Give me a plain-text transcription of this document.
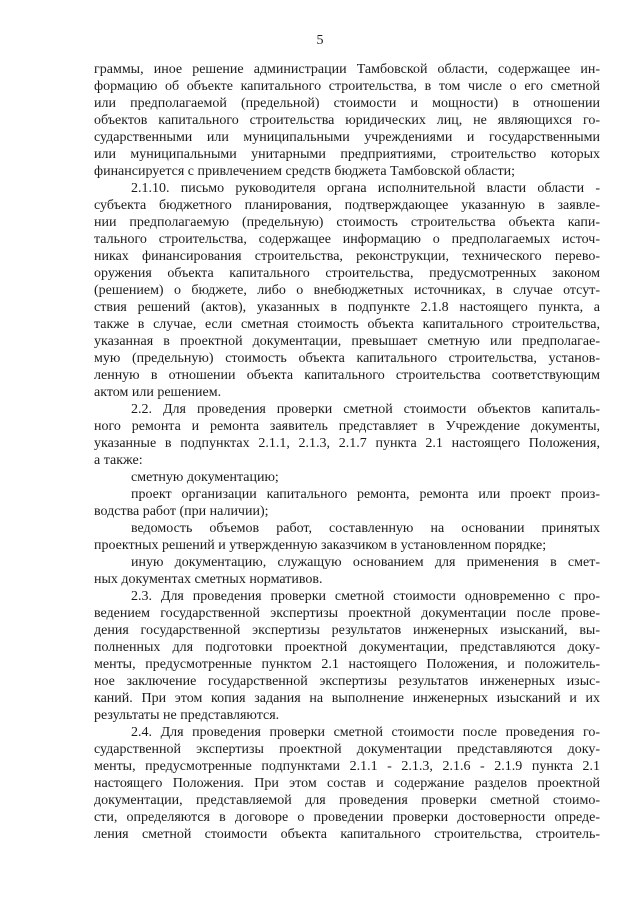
5
граммы, иное решение администрации Тамбовской области, содержащее ин-
формацию об объекте капитального строительства, в том числе о его сметной
или предполагаемой (предельной) стоимости и мощности) в отношении
объектов капитального строительства юридических лиц, не являющихся го-
сударственными или муниципальными учреждениями и государственными
или муниципальными унитарными предприятиями, строительство которых
финансируется с привлечением средств бюджета Тамбовской области;
2.1.10. письмо руководителя органа исполнительной власти области -
субъекта бюджетного планирования, подтверждающее указанную в заявле-
нии предполагаемую (предельную) стоимость строительства объекта капи-
тального строительства, содержащее информацию о предполагаемых источ-
никах финансирования строительства, реконструкции, технического перево-
оружения объекта капитального строительства, предусмотренных законом
(решением) о бюджете, либо о внебюджетных источниках, в случае отсут-
ствия решений (актов), указанных в подпункте 2.1.8 настоящего пункта, а
также в случае, если сметная стоимость объекта капитального строительства,
указанная в проектной документации, превышает сметную или предполагае-
мую (предельную) стоимость объекта капитального строительства, установ-
ленную в отношении объекта капитального строительства соответствующим
актом или решением.
2.2. Для проведения проверки сметной стоимости объектов капиталь-
ного ремонта и ремонта заявитель представляет в Учреждение документы,
указанные в подпунктах 2.1.1, 2.1.3, 2.1.7 пункта 2.1 настоящего Положения,
а также:
сметную документацию;
проект организации капитального ремонта, ремонта или проект произ-
водства работ (при наличии);
ведомость объемов работ, составленную на основании принятых
проектных решений и утвержденную заказчиком в установленном порядке;
иную документацию, служащую основанием для применения в смет-
ных документах сметных нормативов.
2.3. Для проведения проверки сметной стоимости одновременно с про-
ведением государственной экспертизы проектной документации после прове-
дения государственной экспертизы результатов инженерных изысканий, вы-
полненных для подготовки проектной документации, представляются доку-
менты, предусмотренные пунктом 2.1 настоящего Положения, и положитель-
ное заключение государственной экспертизы результатов инженерных изыс-
каний. При этом копия задания на выполнение инженерных изысканий и их
результаты не представляются.
2.4. Для проведения проверки сметной стоимости после проведения го-
сударственной экспертизы проектной документации представляются доку-
менты, предусмотренные подпунктами 2.1.1 - 2.1.3, 2.1.6 - 2.1.9 пункта 2.1
настоящего Положения. При этом состав и содержание разделов проектной
документации, представляемой для проведения проверки сметной стоимо-
сти, определяются в договоре о проведении проверки достоверности опреде-
ления сметной стоимости объекта капитального строительства, строитель-
